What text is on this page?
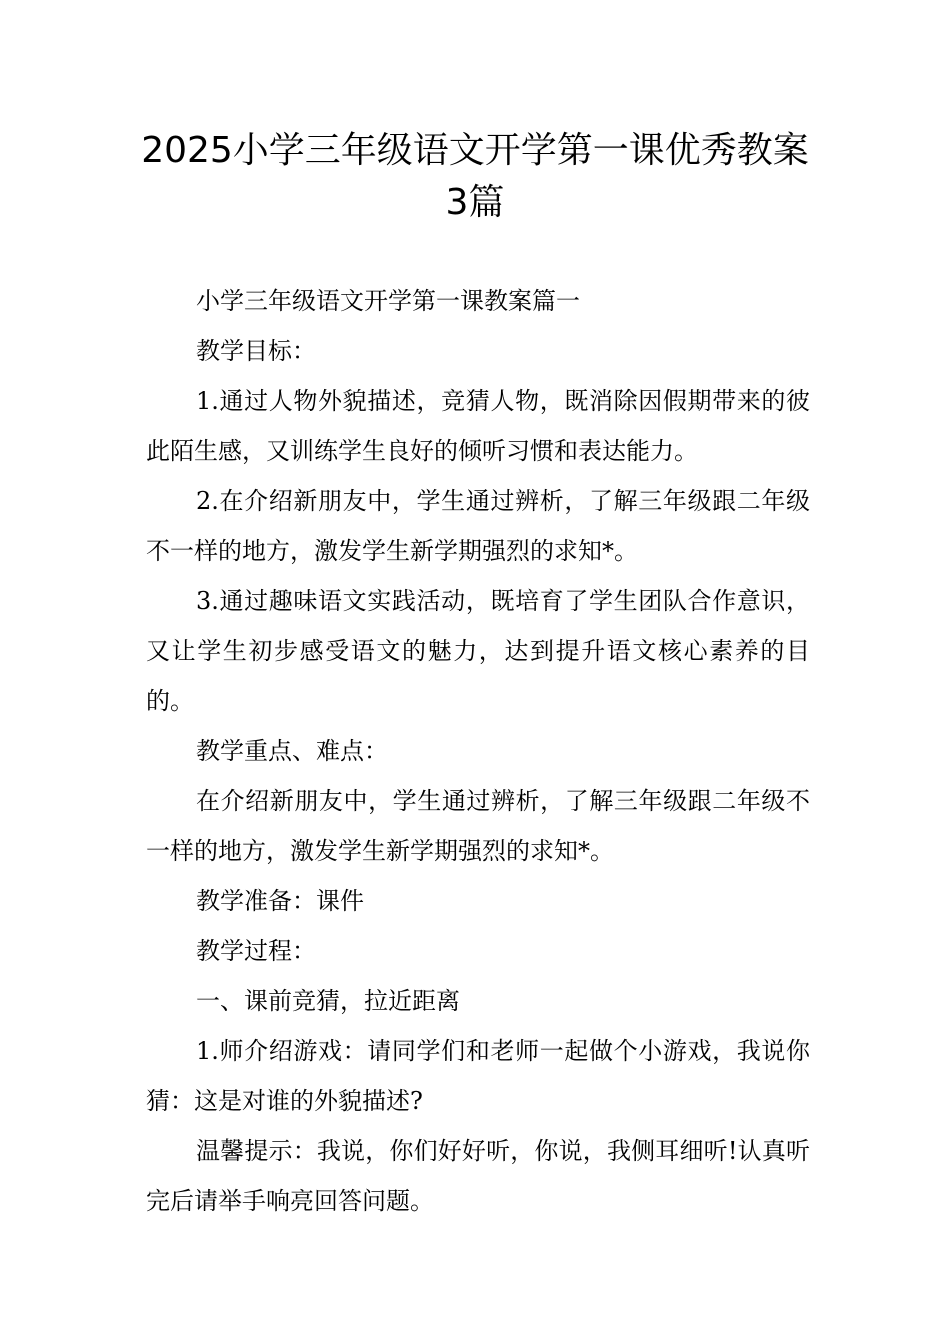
2025小学三年级语文开学第一课优秀教案
3篇

小学三年级语文开学第一课教案篇一

教学目标：

1.通过人物外貌描述，竞猜人物，既消除因假期带来的彼此陌生感，又训练学生良好的倾听习惯和表达能力。

2.在介绍新朋友中，学生通过辨析，了解三年级跟二年级不一样的地方，激发学生新学期强烈的求知*。

3.通过趣味语文实践活动，既培育了学生团队合作意识，又让学生初步感受语文的魅力，达到提升语文核心素养的目的。

教学重点、难点：

在介绍新朋友中，学生通过辨析，了解三年级跟二年级不一样的地方，激发学生新学期强烈的求知*。

教学准备：课件

教学过程：

一、课前竞猜，拉近距离

1.师介绍游戏：请同学们和老师一起做个小游戏，我说你猜：这是对谁的外貌描述?

温馨提示：我说，你们好好听，你说，我侧耳细听!认真听完后请举手响亮回答问题。
